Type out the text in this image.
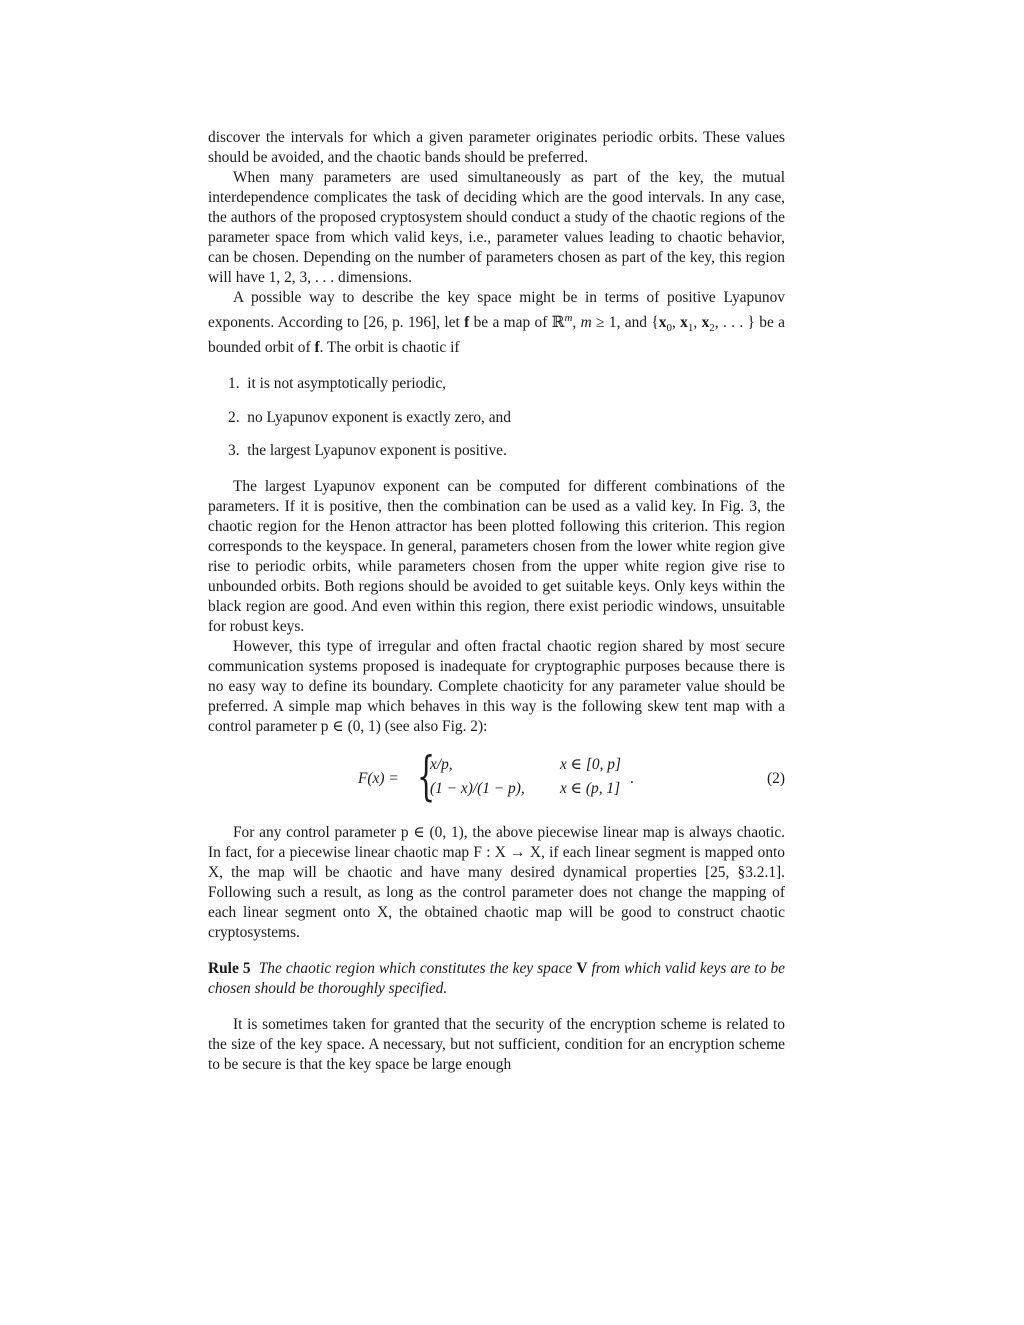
discover the intervals for which a given parameter originates periodic orbits. These values should be avoided, and the chaotic bands should be preferred.

When many parameters are used simultaneously as part of the key, the mutual interdependence complicates the task of deciding which are the good intervals. In any case, the authors of the proposed cryptosystem should conduct a study of the chaotic regions of the parameter space from which valid keys, i.e., parameter values leading to chaotic behavior, can be chosen. Depending on the number of parameters chosen as part of the key, this region will have 1, 2, 3, . . . dimensions.

A possible way to describe the key space might be in terms of positive Lyapunov exponents. According to [26, p. 196], let f be a map of ℝ$^m$, m ≥ 1, and {$x_0$, $x_1$, $x_2$, . . . } be a bounded orbit of f. The orbit is chaotic if

1. it is not asymptotically periodic,
2. no Lyapunov exponent is exactly zero, and
3. the largest Lyapunov exponent is positive.

The largest Lyapunov exponent can be computed for different combinations of the parameters. If it is positive, then the combination can be used as a valid key. In Fig. 3, the chaotic region for the Henon attractor has been plotted following this criterion. This region corresponds to the keyspace. In general, parameters chosen from the lower white region give rise to periodic orbits, while parameters chosen from the upper white region give rise to unbounded orbits. Both regions should be avoided to get suitable keys. Only keys within the black region are good. And even within this region, there exist periodic windows, unsuitable for robust keys.

However, this type of irregular and often fractal chaotic region shared by most secure communication systems proposed is inadequate for cryptographic purposes because there is no easy way to define its boundary. Complete chaoticity for any parameter value should be preferred. A simple map which behaves in this way is the following skew tent map with a control parameter p ∈ (0, 1) (see also Fig. 2):

F(x) = {
x/p,
(1 − x)/(1 − p),
x ∈ [0, p]
x ∈ (p, 1]
.	(2)

For any control parameter p ∈ (0, 1), the above piecewise linear map is always chaotic. In fact, for a piecewise linear chaotic map F : X → X, if each linear segment is mapped onto X, the map will be chaotic and have many desired dynamical properties [25, §3.2.1]. Following such a result, as long as the control parameter does not change the mapping of each linear segment onto X, the obtained chaotic map will be good to construct chaotic cryptosystems.

Rule 5 The chaotic region which constitutes the key space V from which valid keys are to be chosen should be thoroughly specified.

It is sometimes taken for granted that the security of the encryption scheme is related to the size of the key space. A necessary, but not sufficient, condition for an encryption scheme to be secure is that the key space be large enough
